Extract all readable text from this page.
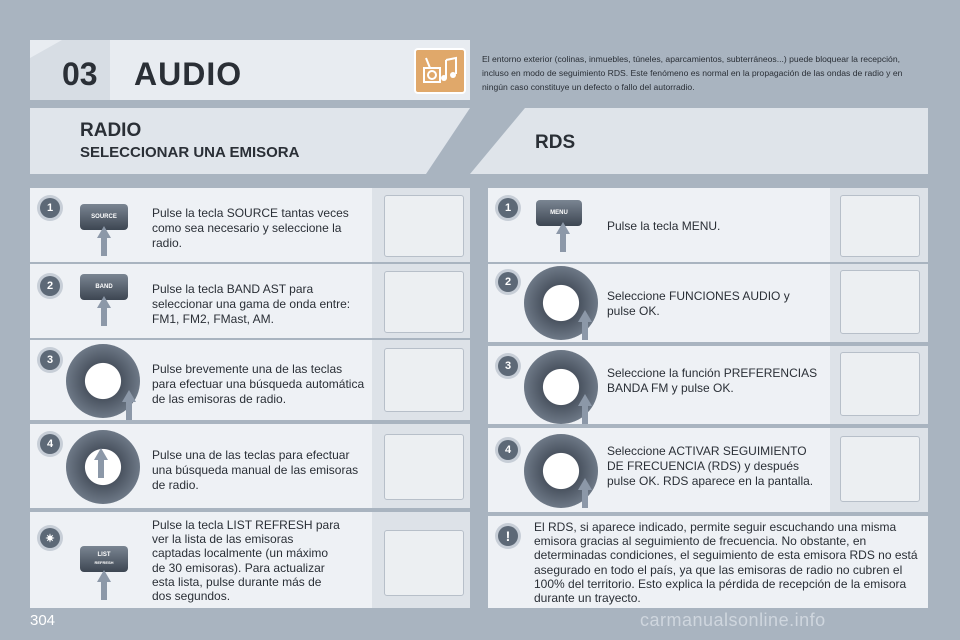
03 AUDIO	El entorno exterior (colinas, inmuebles, túneles, aparcamientos, subterráneos...) puede bloquear la recepción, incluso en modo de seguimiento RDS. Este fenómeno es normal en la propagación de las ondas de radio y en ningún caso constituye un defecto o fallo del autorradio.
RADIO
SELECCIONAR UNA EMISORA	RDS
1
SOURCE	Pulse la tecla SOURCE tantas veces como sea necesario y seleccione la radio.
2	BAND	Pulse la tecla BAND AST para seleccionar una gama de onda entre: FM1, FM2, FMast, AM.
3
Pulse brevemente una de las teclas para efectuar una búsqueda automática de las emisoras de radio.
4
Pulse una de las teclas para efectuar una búsqueda manual de las emisoras de radio.
✷
LIST
REFRESH
Pulse la tecla LIST REFRESH para ver la lista de las emisoras captadas localmente (un máximo de 30 emisoras). Para actualizar esta lista, pulse durante más de dos segundos.
1	MENU
Pulse la tecla MENU.
2
Seleccione FUNCIONES AUDIO y pulse OK.
3	Seleccione la función PREFERENCIAS BANDA FM y pulse OK.
4	Seleccione ACTIVAR SEGUIMIENTO DE FRECUENCIA (RDS) y después pulse OK. RDS aparece en la pantalla.
!
El RDS, si aparece indicado, permite seguir escuchando una misma emisora gracias al seguimiento de frecuencia. No obstante, en determinadas condiciones, el seguimiento de esta emisora RDS no está asegurado en todo el país, ya que las emisoras de radio no cubren el 100% del territorio. Esto explica la pérdida de recepción de la emisora durante un trayecto.
304	carmanualsonline.info
